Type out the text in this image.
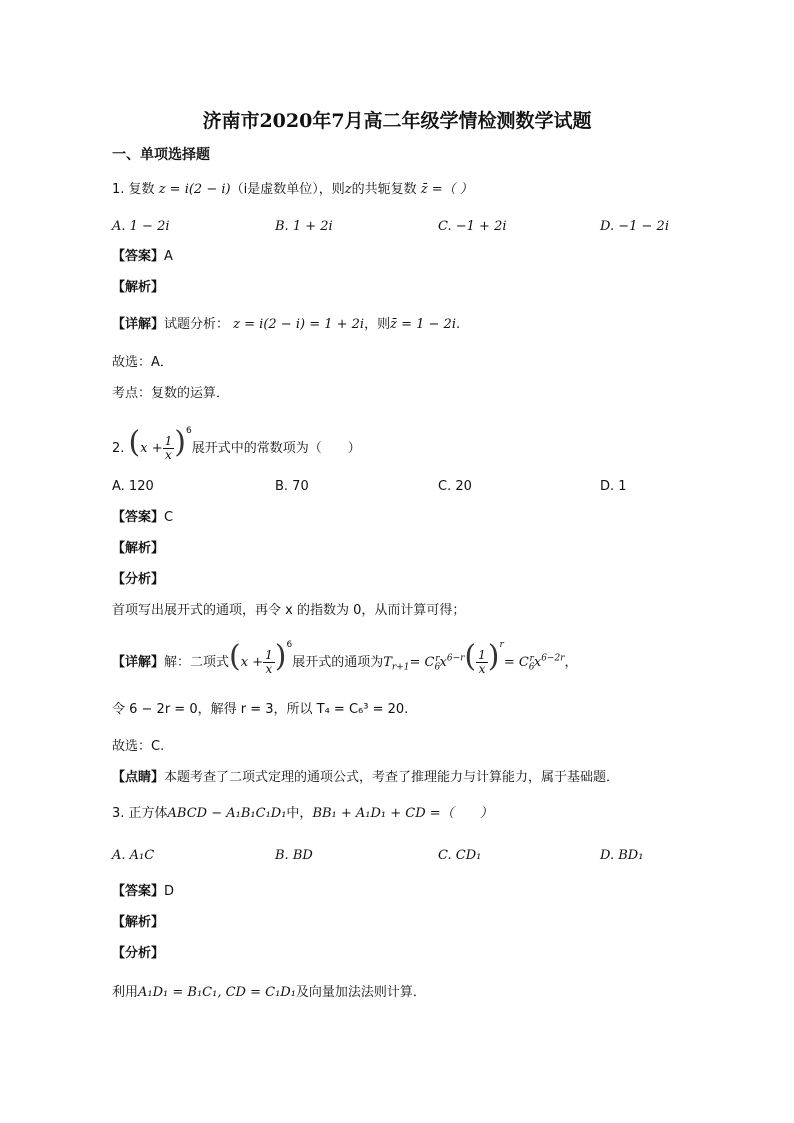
济南市2020年7月高二年级学情检测数学试题
一、单项选择题
1. 复数 z = i(2 − i)（i是虚数单位），则z的共轭复数 z̄ =（ ）
A. 1 − 2i	B. 1 + 2i	C. −1 + 2i	D. −1 − 2i
【答案】A
【解析】
【详解】试题分析： z = i(2 − i) = 1 + 2i，则z̄ = 1 − 2i.
故选：A．
考点：复数的运算．
2. $(x + \frac{1}{x} )^6$展开式中的常数项为（　　）
A. 120	B. 70	C. 20	D. 1
【答案】C
【解析】
【分析】
首项写出展开式的通项，再令 x 的指数为 0，从而计算可得；
【详解】解：二项式$(x + \frac{1}{x} )^6$展开式的通项为$T_{r+1}= C_6^rx^{6-r}( \frac{1}{x} )^r= C_6^rx^{6-2r}$，
令 6 − 2r = 0，解得 r = 3，所以 T₄ = C₆³ = 20.
故选：C.
【点睛】本题考查了二项式定理的通项公式，考查了推理能力与计算能力，属于基础题．
3. 正方体ABCD − A₁B₁C₁D₁中，BB₁ + A₁D₁ + CD =（　　）
A. A₁C	B. BD	C. CD₁	D. BD₁
【答案】D
【解析】
【分析】
利用A₁D₁ = B₁C₁, CD = C₁D₁及向量加法法则计算．
